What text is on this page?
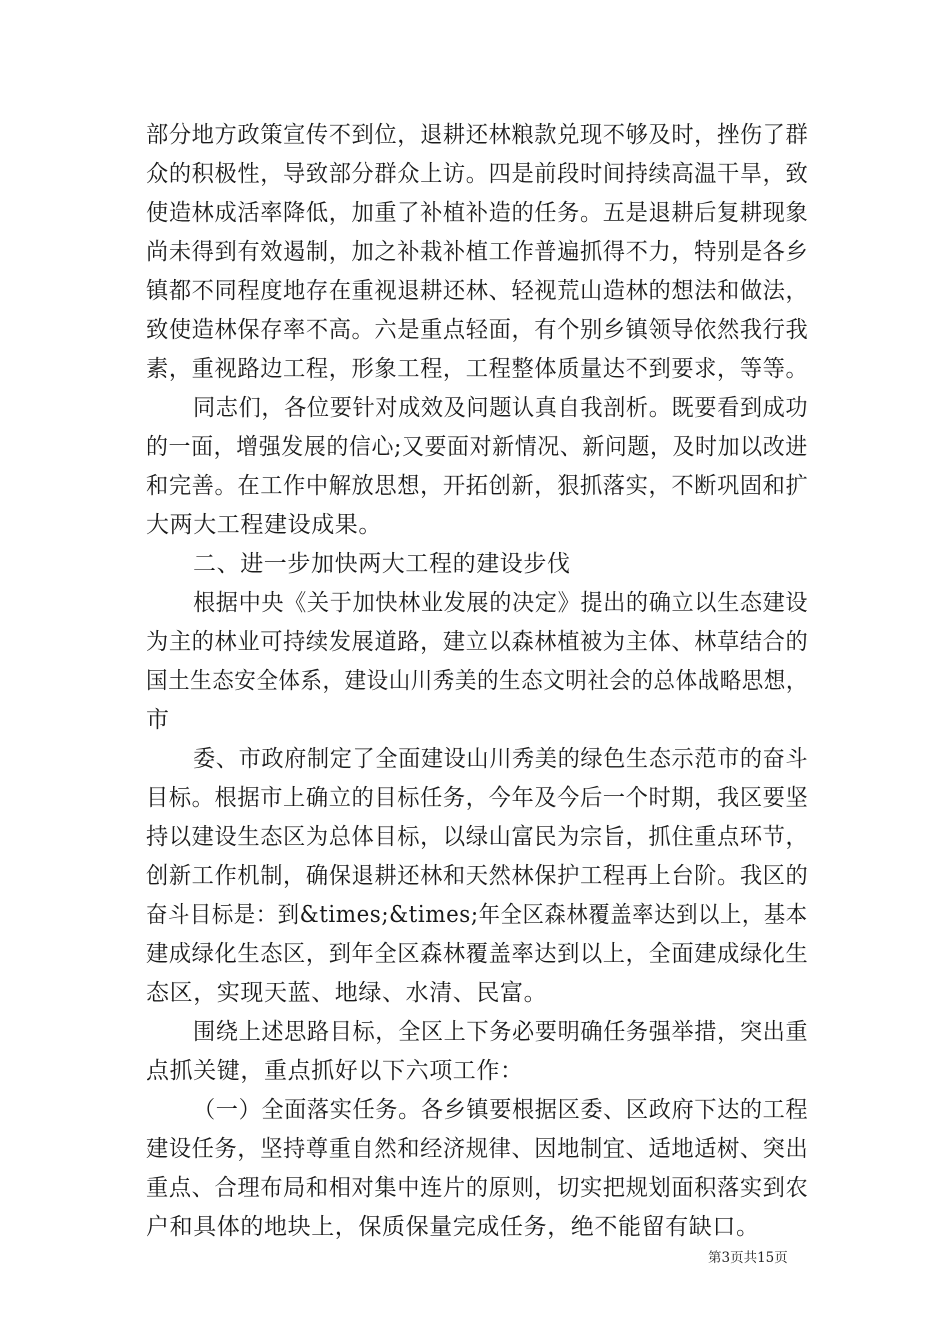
部分地方政策宣传不到位，退耕还林粮款兑现不够及时，挫伤了群
众的积极性，导致部分群众上访。四是前段时间持续高温干旱，致
使造林成活率降低，加重了补植补造的任务。五是退耕后复耕现象
尚未得到有效遏制，加之补栽补植工作普遍抓得不力，特别是各乡
镇都不同程度地存在重视退耕还林、轻视荒山造林的想法和做法，
致使造林保存率不高。六是重点轻面，有个别乡镇领导依然我行我
素，重视路边工程，形象工程，工程整体质量达不到要求，等等。
同志们，各位要针对成效及问题认真自我剖析。既要看到成功
的一面，增强发展的信心;又要面对新情况、新问题，及时加以改进
和完善。在工作中解放思想，开拓创新，狠抓落实，不断巩固和扩
大两大工程建设成果。
二、进一步加快两大工程的建设步伐
根据中央《关于加快林业发展的决定》提出的确立以生态建设
为主的林业可持续发展道路，建立以森林植被为主体、林草结合的
国土生态安全体系，建设山川秀美的生态文明社会的总体战略思想，
市
委、市政府制定了全面建设山川秀美的绿色生态示范市的奋斗
目标。根据市上确立的目标任务，今年及今后一个时期，我区要坚
持以建设生态区为总体目标，以绿山富民为宗旨，抓住重点环节，
创新工作机制，确保退耕还林和天然林保护工程再上台阶。我区的
奋斗目标是：到&times;&times;年全区森林覆盖率达到以上，基本
建成绿化生态区，到年全区森林覆盖率达到以上，全面建成绿化生
态区，实现天蓝、地绿、水清、民富。
围绕上述思路目标，全区上下务必要明确任务强举措，突出重
点抓关键，重点抓好以下六项工作：
（一）全面落实任务。各乡镇要根据区委、区政府下达的工程
建设任务，坚持尊重自然和经济规律、因地制宜、适地适树、突出
重点、合理布局和相对集中连片的原则，切实把规划面积落实到农
户和具体的地块上，保质保量完成任务，绝不能留有缺口。
第3页共15页
